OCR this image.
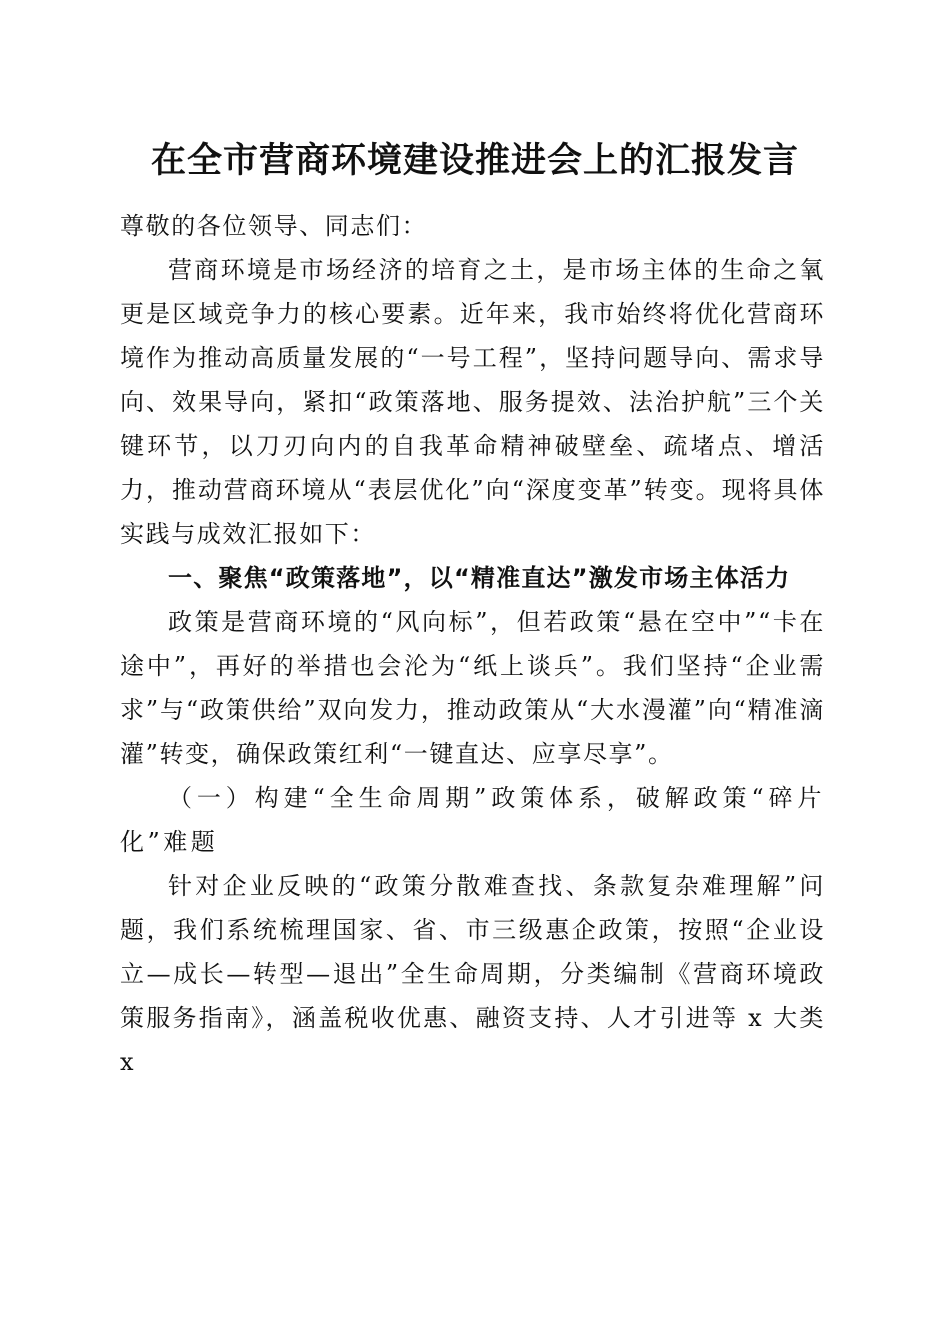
在全市营商环境建设推进会上的汇报发言

尊敬的各位领导、同志们：

营商环境是市场经济的培育之土，是市场主体的生命之氧更是区域竞争力的核心要素。近年来，我市始终将优化营商环境作为推动高质量发展的“一号工程”，坚持问题导向、需求导向、效果导向，紧扣“政策落地、服务提效、法治护航”三个关键环节，以刀刃向内的自我革命精神破壁垒、疏堵点、增活力，推动营商环境从“表层优化”向“深度变革”转变。现将具体实践与成效汇报如下：

一、聚焦“政策落地”，以“精准直达”激发市场主体活力

政策是营商环境的“风向标”，但若政策“悬在空中”“卡在途中”，再好的举措也会沦为“纸上谈兵”。我们坚持“企业需求”与“政策供给”双向发力，推动政策从“大水漫灌”向“精准滴灌”转变，确保政策红利“一键直达、应享尽享”。

（一）构建“全生命周期”政策体系，破解政策“碎片化”难题

针对企业反映的“政策分散难查找、条款复杂难理解”问题，我们系统梳理国家、省、市三级惠企政策，按照“企业设立—成长—转型—退出”全生命周期，分类编制《营商环境政策服务指南》，涵盖税收优惠、融资支持、人才引进等 x 大类 x
